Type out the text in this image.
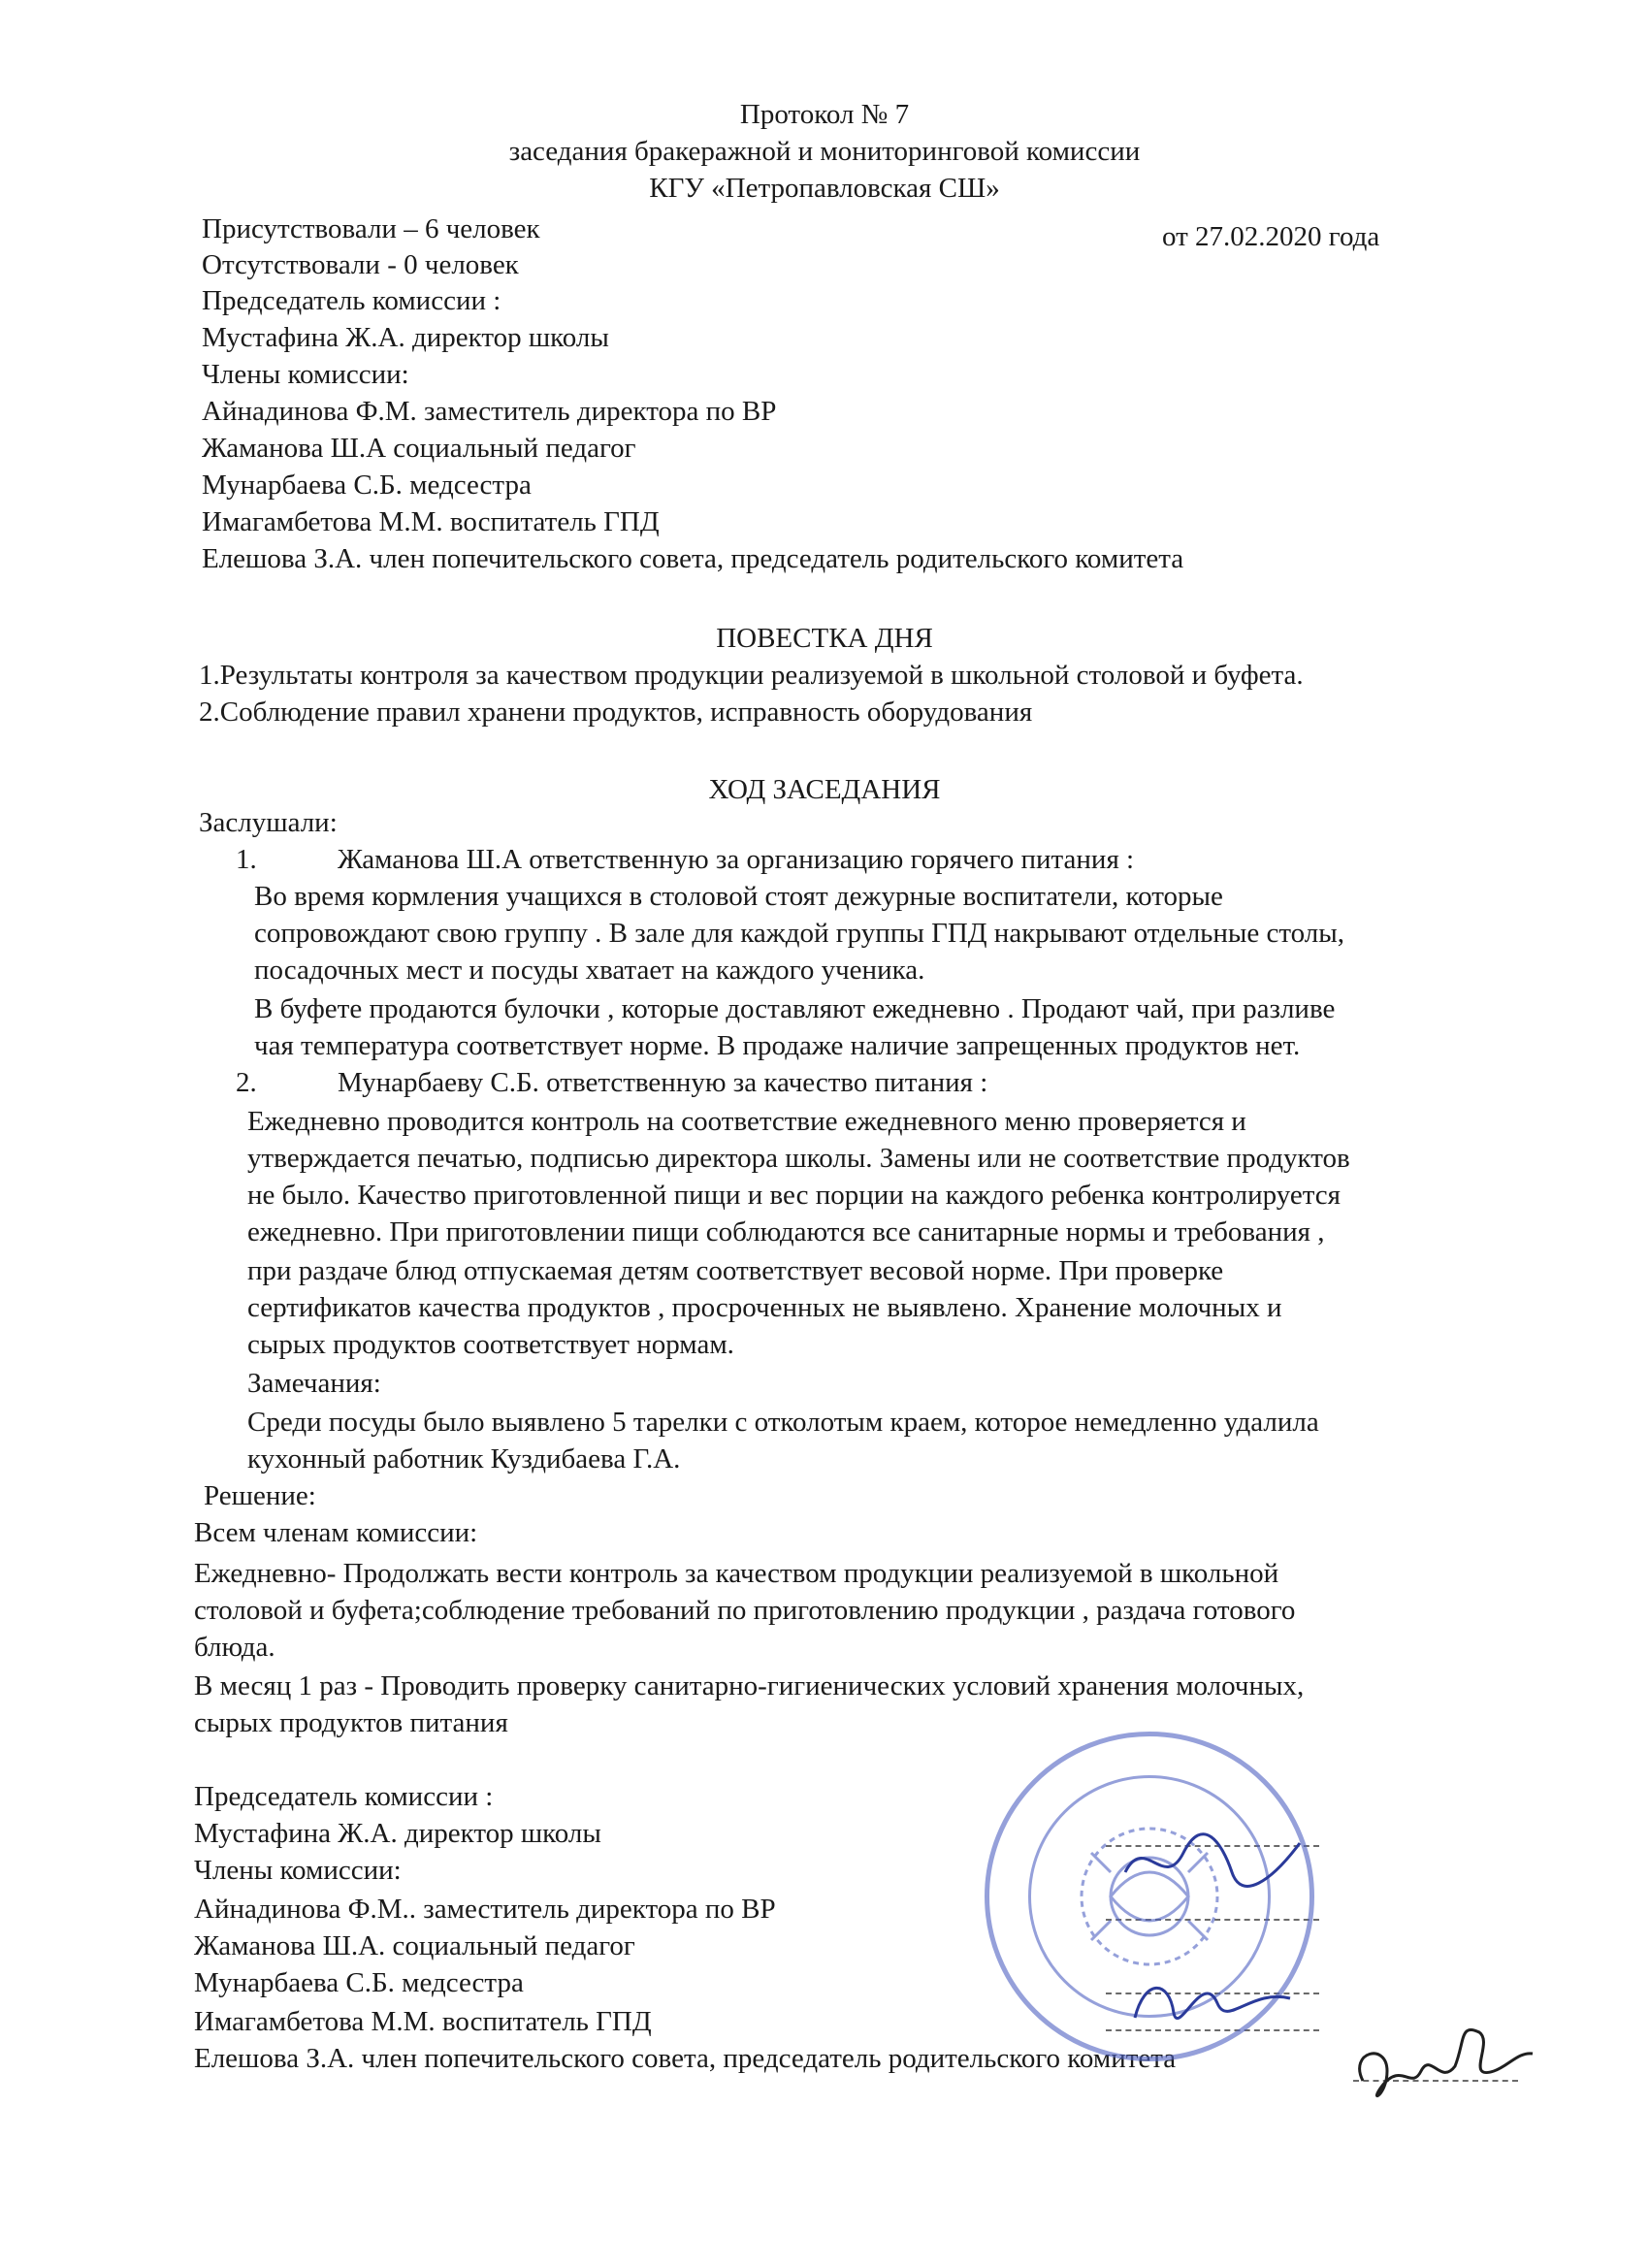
Протокол № 7
заседания бракеражной и мониторинговой комиссии
КГУ «Петропавловская СШ»
Присутствовали – 6 человек	от 27.02.2020 года
Отсутствовали - 0 человек
Председатель комиссии :
Мустафина Ж.А. директор школы
Члены комиссии:
Айнадинова Ф.М. заместитель директора по ВР
Жаманова Ш.А социальный педагог
Мунарбаева С.Б. медсестра
Имагамбетова М.М. воспитатель ГПД
Елешова З.А. член попечительского совета, председатель родительского комитета
ПОВЕСТКА ДНЯ
1.Результаты контроля за качеством продукции реализуемой в школьной столовой и буфета.
2.Соблюдение правил хранени продуктов, исправность оборудования
ХОД ЗАСЕДАНИЯ
Заслушали:
1.	Жаманова Ш.А ответственную за организацию горячего питания :
Во время кормления учащихся в столовой стоят дежурные воспитатели, которые
сопровождают свою группу . В зале для каждой группы ГПД накрывают отдельные столы,
посадочных мест и посуды хватает на каждого ученика.
В буфете продаются булочки , которые доставляют ежедневно . Продают чай, при разливе
чая температура соответствует норме. В продаже наличие запрещенных продуктов нет.
2.	Мунарбаеву С.Б. ответственную за качество питания :
Ежедневно проводится контроль на соответствие ежедневного меню проверяется и
утверждается печатью, подписью директора школы. Замены или не соответствие продуктов
не было. Качество приготовленной пищи и вес порции на каждого ребенка контролируется
ежедневно. При приготовлении пищи соблюдаются все санитарные нормы и требования ,
при раздаче блюд отпускаемая детям соответствует весовой норме. При проверке
сертификатов качества продуктов , просроченных не выявлено. Хранение молочных и
сырых продуктов соответствует нормам.
Замечания:
Среди посуды было выявлено 5 тарелки с отколотым краем, которое немедленно удалила
кухонный работник Куздибаева Г.А.
Решение:
Всем членам комиссии:
Ежедневно- Продолжать вести контроль за качеством продукции реализуемой в школьной
столовой и буфета;соблюдение требований по приготовлению продукции , раздача готового
блюда.
В месяц 1 раз - Проводить проверку санитарно-гигиенических условий хранения молочных,
сырых продуктов питания
Председатель комиссии :
Мустафина Ж.А. директор школы
Члены комиссии:
Айнадинова Ф.М.. заместитель директора по ВР
Жаманова Ш.А. социальный педагог
Мунарбаева С.Б. медсестра
Имагамбетова М.М. воспитатель ГПД
Елешова З.А. член попечительского совета, председатель родительского комитета
